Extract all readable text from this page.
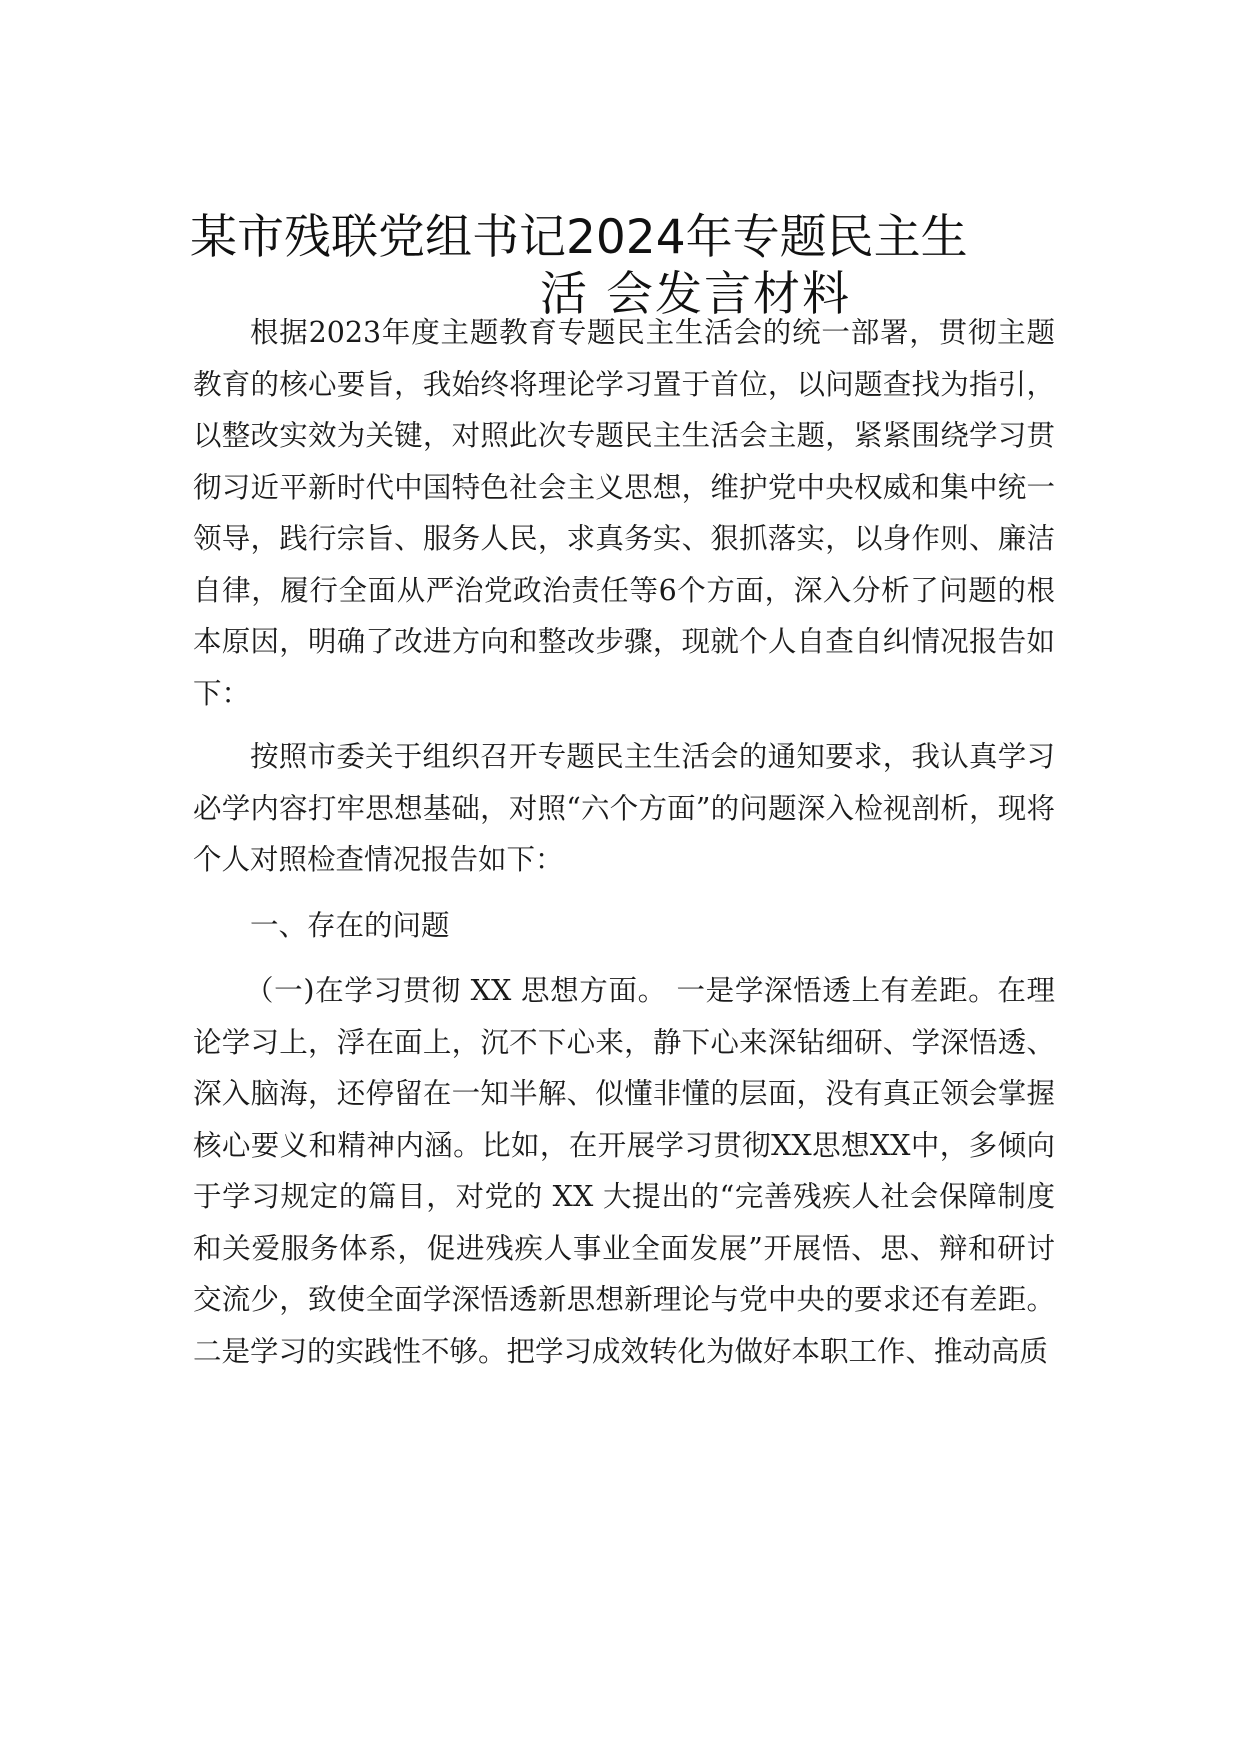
某市残联党组书记2024年专题民主生
活 会发言材料

根据2023年度主题教育专题民主生活会的统一部署，贯彻主题教育的核心要旨，我始终将理论学习置于首位，以问题查找为指引，以整改实效为关键，对照此次专题民主生活会主题，紧紧围绕学习贯彻习近平新时代中国特色社会主义思想，维护党中央权威和集中统一领导，践行宗旨、服务人民，求真务实、狠抓落实，以身作则、廉洁自律，履行全面从严治党政治责任等6个方面，深入分析了问题的根本原因，明确了改进方向和整改步骤，现就个人自查自纠情况报告如下：

按照市委关于组织召开专题民主生活会的通知要求，我认真学习必学内容打牢思想基础，对照“六个方面”的问题深入检视剖析，现将个人对照检查情况报告如下：

一、存在的问题

（一)在学习贯彻 XX 思想方面。 一是学深悟透上有差距。在理论学习上，浮在面上，沉不下心来，静下心来深钻细研、学深悟透、深入脑海，还停留在一知半解、似懂非懂的层面，没有真正领会掌握核心要义和精神内涵。比如，在开展学习贯彻XX思想XX中，多倾向于学习规定的篇目，对党的 XX 大提出的“完善残疾人社会保障制度和关爱服务体系，促进残疾人事业全面发展”开展悟、思、辩和研讨交流少，致使全面学深悟透新思想新理论与党中央的要求还有差距。二是学习的实践性不够。把学习成效转化为做好本职工作、推动高质
